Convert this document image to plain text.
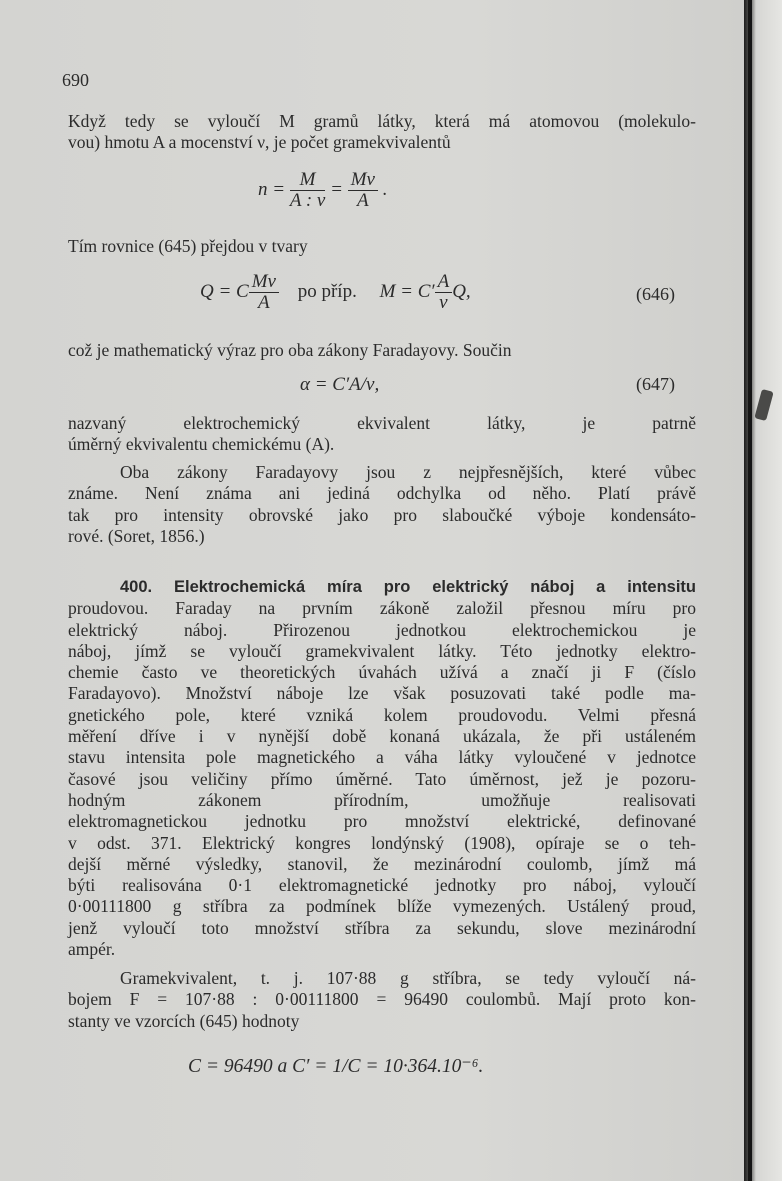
690
Když tedy se vyloučí M gramů látky, která má atomovou (molekulo-
vou) hmotu A a mocenství ν, je počet gramekvivalentů
$n = \frac{M}{A : \nu} = \frac{M\nu}{A}$ .
Tím rovnice (645) přejdou v tvary
Q = C $\frac{M\nu}{A}$ po příp. $M = C' \frac{A}{\nu} Q$,	(646)
což je mathematický výraz pro oba zákony Faradayovy. Součin
α = C′A/ν,	(647)
nazvaný elektrochemický ekvivalent látky, je patrně
úměrný ekvivalentu chemickému (A).
Oba zákony Faradayovy jsou z nejpřesnějších, které vůbec
známe. Není známa ani jediná odchylka od něho. Platí právě
tak pro intensity obrovské jako pro slaboučké výboje kondensáto-
rové. (Soret, 1856.)
400. Elektrochemická míra pro elektrický náboj a intensitu
proudovou. Faraday na prvním zákoně založil přesnou míru pro
elektrický náboj. Přirozenou jednotkou elektrochemickou je
náboj, jímž se vyloučí gramekvivalent látky. Této jednotky elektro-
chemie často ve theoretických úvahách užívá a značí ji F (číslo
Faradayovo). Množství náboje lze však posuzovati také podle ma-
gnetického pole, které vzniká kolem proudovodu. Velmi přesná
měření dříve i v nynější době konaná ukázala, že při ustáleném
stavu intensita pole magnetického a váha látky vyloučené v jednotce
časové jsou veličiny přímo úměrné. Tato úměrnost, jež je pozoru-
hodným zákonem přírodním, umožňuje realisovati
elektromagnetickou jednotku pro množství elektrické, definované
v odst. 371. Elektrický kongres londýnský (1908), opíraje se o teh-
dejší měrné výsledky, stanovil, že mezinárodní coulomb, jímž má
býti realisována 0·1 elektromagnetické jednotky pro náboj, vyloučí
0·00111800 g stříbra za podmínek blíže vymezených. Ustálený proud,
jenž vyloučí toto množství stříbra za sekundu, slove mezinárodní
ampér.
Gramekvivalent, t. j. 107·88 g stříbra, se tedy vyloučí ná-
bojem F = 107·88 : 0·00111800 = 96490 coulombů. Mají proto kon-
stanty ve vzorcích (645) hodnoty
C = 96490 a C′ = 1/C = 10·364.10⁻⁶.
